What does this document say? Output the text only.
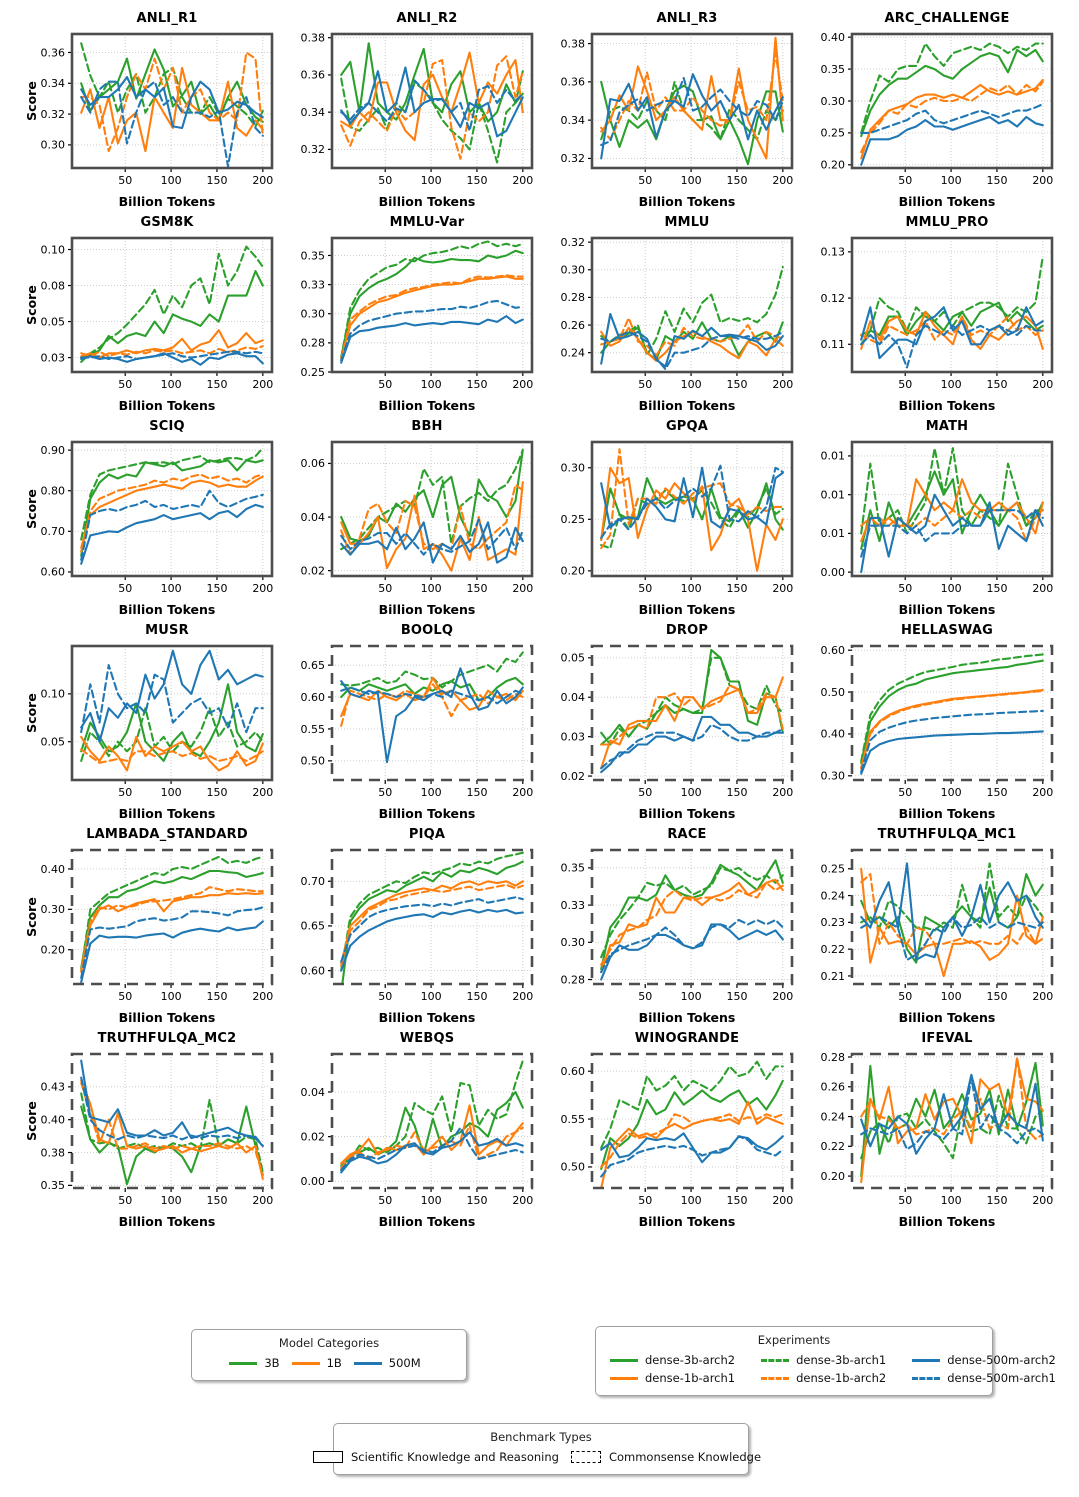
ANLI_R1
0.30
0.32
0.34
0.36
50	100 150 200
Score
Billion Tokens
ANLI_R2
0.32
0.34
0.36
0.38
50	100 150 200
Billion Tokens
ANLI_R3
0.32
0.34
0.36
0.38
50	100 150 200
Billion Tokens
ARC_CHALLENGE
0.20
0.25
0.30
0.35
0.40
50	100 150 200
Billion Tokens
GSM8K
0.03
0.05
0.08
0.10
50	100 150 200
Score
Billion Tokens
MMLU-Var
0.25
0.28
0.30
0.33
0.35
50	100 150 200
Billion Tokens
MMLU
0.24
0.26
0.28
0.30
0.32
50	100 150 200
Billion Tokens
MMLU_PRO
0.11
0.12
0.13
50	100 150 200
Billion Tokens
SCIQ
0.60
0.70
0.80
0.90
50	100 150 200
Score
Billion Tokens
BBH
0.02
0.04
0.06
50	100 150 200
Billion Tokens
GPQA
0.20
0.25
0.30
50	100 150 200
Billion Tokens
MATH
0.00
0.01
0.01
0.01
50	100 150 200
Billion Tokens
MUSR
0.05
0.10
50	100 150 200
Score
Billion Tokens
BOOLQ
0.50
0.55
0.60
0.65
50	100 150 200
Billion Tokens
DROP
0.02
0.03
0.04
0.05
50	100 150 200
Billion Tokens
HELLASWAG
0.30
0.40
0.50
0.60
50	100 150 200
Billion Tokens
LAMBADA_STANDARD
0.20
0.30
0.40
50	100 150 200
Score
Billion Tokens
PIQA
0.60
0.65
0.70
50	100 150 200
Billion Tokens
RACE
0.28
0.30
0.33
0.35
50	100 150 200
Billion Tokens
TRUTHFULQA_MC1
0.21
0.22
0.23
0.24
0.25
50	100 150 200
Billion Tokens
TRUTHFULQA_MC2
0.35
0.38
0.40
0.43
50	100 150 200
Score
Billion Tokens
WEBQS
0.00
0.02
0.04
50	100 150 200
Billion Tokens
WINOGRANDE
0.50
0.55
0.60
50	100 150 200
Billion Tokens
IFEVAL
0.20
0.22
0.24
0.26
0.28
50	100 150 200
Billion Tokens
Model Categories
3B	1B	500M
Experiments
dense-3b-arch2	dense-3b-arch1	dense-500m-arch2
dense-1b-arch1	dense-1b-arch2	dense-500m-arch1
Benchmark Types
Scientific Knowledge and Reasoning	Commonsense Knowledge
